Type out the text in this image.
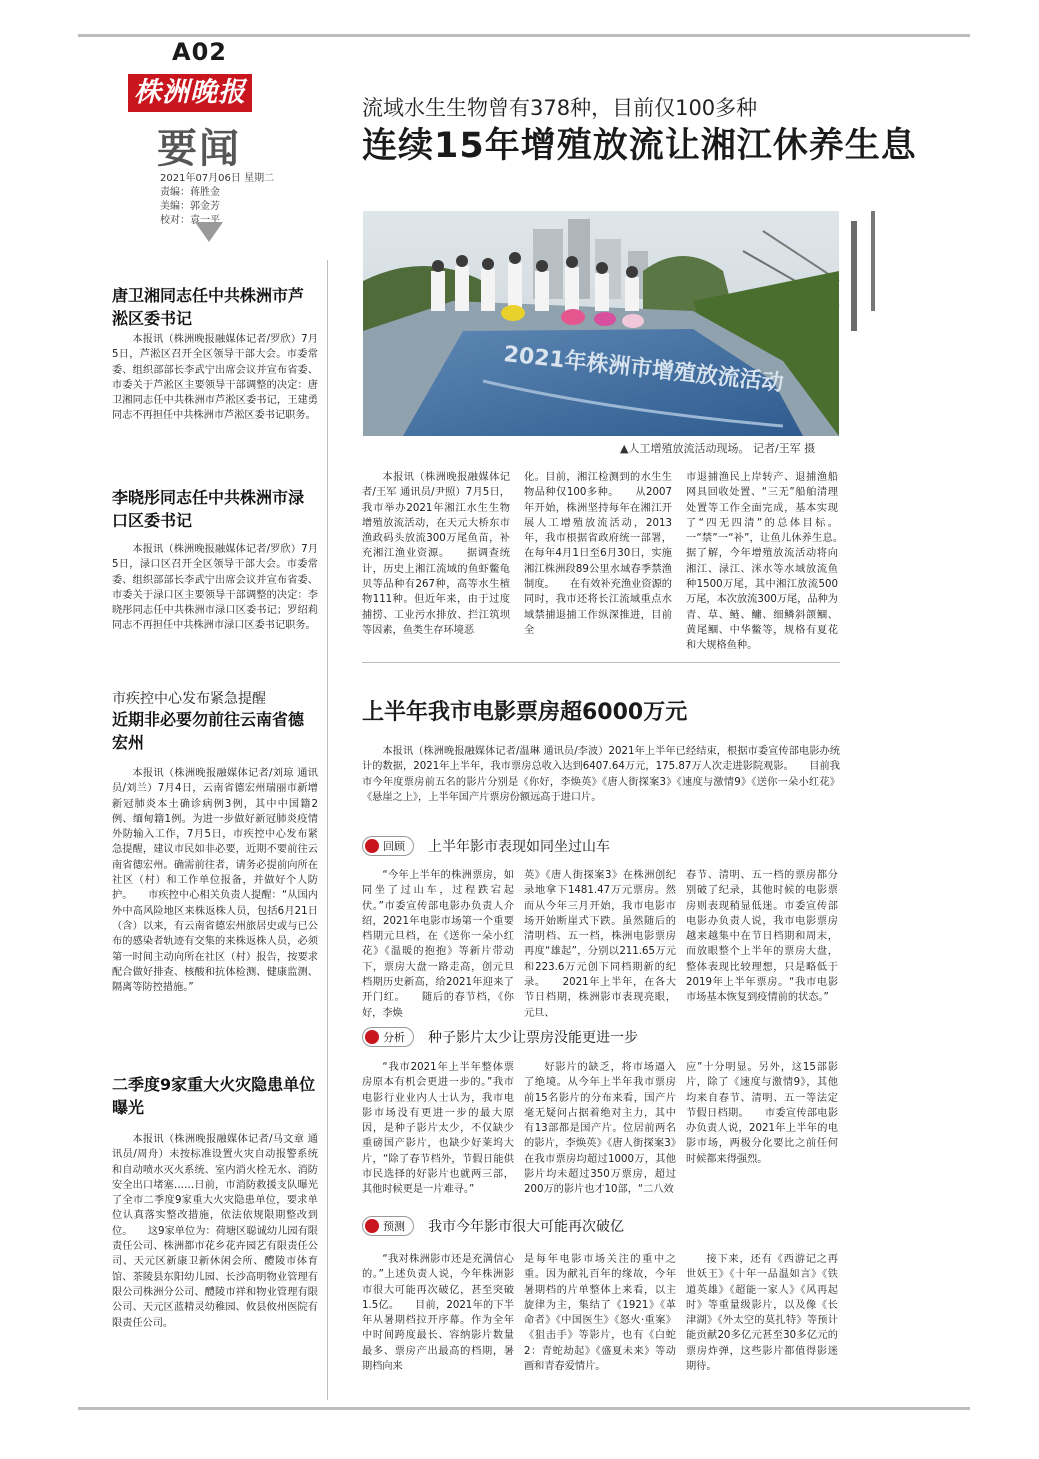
A02
株洲晚报
要闻
2021年07月06日 星期二
责编：蒋胜金
美编：郭金芳
校对：袁一平
流域水生生物曾有378种，目前仅100多种
连续15年增殖放流让湘江休养生息
2021年株洲市增殖放流活动
▲人工增殖放流活动现场。 记者/王军 摄

本报讯（株洲晚报融媒体记者/王军 通讯员/尹照）7月5日，我市举办2021年湘江水生生物增殖放流活动，在天元大桥东市渔政码头放流300万尾鱼苗，补充湘江渔业资源。　　据调查统计，历史上湘江流域的鱼虾鳖龟贝等品种有267种，高等水生植物111种。但近年来，由于过度捕捞、工业污水排放、拦江筑坝等因素，鱼类生存环境恶

化。目前，湘江检测到的水生生物品种仅100多种。　　从2007年开始，株洲坚持每年在湘江开展人工增殖放流活动，2013年，我市根据省政府统一部署，在每年4月1日至6月30日，实施湘江株洲段89公里水域春季禁渔制度。　　在有效补充渔业资源的同时，我市还将长江流域重点水域禁捕退捕工作纵深推进，目前全

市退捕渔民上岸转产、退捕渔船网具回收处置、“三无”船舶清理处置等工作全面完成，基本实现了“四无四清”的总体目标。一“禁”一“补”，让鱼儿休养生息。　　据了解，今年增殖放流活动将向湘江、渌江、洣水等水域放流鱼种1500万尾，其中湘江放流500万尾，本次放流300万尾，品种为青、草、鲢、鳙、细鳞斜颌鲴、黄尾鲴、中华鳖等，规格有夏花和大规格鱼种。

唐卫湘同志任中共株洲市芦淞区委书记

本报讯（株洲晚报融媒体记者/罗欣）7月5日，芦淞区召开全区领导干部大会。市委常委、组织部部长李武宁出席会议并宣布省委、市委关于芦淞区主要领导干部调整的决定：唐卫湘同志任中共株洲市芦淞区委书记，王建勇同志不再担任中共株洲市芦淞区委书记职务。

李晓彤同志任中共株洲市渌口区委书记

本报讯（株洲晚报融媒体记者/罗欣）7月5日，渌口区召开全区领导干部大会。市委常委、组织部部长李武宁出席会议并宣布省委、市委关于渌口区主要领导干部调整的决定：李晓彤同志任中共株洲市渌口区委书记；罗绍莉同志不再担任中共株洲市渌口区委书记职务。

市疾控中心发布紧急提醒
近期非必要勿前往云南省德宏州

本报讯（株洲晚报融媒体记者/刘琼 通讯员/刘兰）7月4日，云南省德宏州瑞丽市新增新冠肺炎本土确诊病例3例，其中中国籍2例、缅甸籍1例。为进一步做好新冠肺炎疫情外防输入工作，7月5日，市疾控中心发布紧急提醒，建议市民如非必要，近期不要前往云南省德宏州。确需前往者，请务必提前向所在社区（村）和工作单位报备，并做好个人防护。　　市疾控中心相关负责人提醒：“从国内外中高风险地区来株返株人员，包括6月21日（含）以来，有云南省德宏州旅居史或与已公布的感染者轨迹有交集的来株返株人员，必须第一时间主动向所在社区（村）报告，按要求配合做好排查、核酸和抗体检测、健康监测、隔离等防控措施。”

二季度9家重大火灾隐患单位曝光

本报讯（株洲晚报融媒体记者/马文章 通讯员/周舟）未按标准设置火灾自动报警系统和自动喷水灭火系统、室内消火栓无水、消防安全出口堵塞……日前，市消防救援支队曝光了全市二季度9家重大火灾隐患单位，要求单位认真落实整改措施，依法依规限期整改到位。　　这9家单位为：荷塘区聪诚幼儿园有限责任公司、株洲都市花乡花卉园艺有限责任公司、天元区新康卫新休闲会所、醴陵市体育馆、茶陵县东阳幼儿园、长沙高明物业管理有限公司株洲分公司、醴陵市祥和物业管理有限公司、天元区蓝精灵幼稚园、攸县攸州医院有限责任公司。

上半年我市电影票房超6000万元

本报讯（株洲晚报融媒体记者/温琳 通讯员/李波）2021年上半年已经结束，根据市委宣传部电影办统计的数据，2021年上半年，我市票房总收入达到6407.64万元，175.87万人次走进影院观影。　　目前我市今年度票房前五名的影片分别是《你好，李焕英》《唐人街探案3》《速度与激情9》《送你一朵小红花》《悬崖之上》，上半年国产片票房份额远高于进口片。

回顾 上半年影市表现如同坐过山车

“今年上半年的株洲票房，如同坐了过山车，过程跌宕起伏。”市委宣传部电影办负责人介绍，2021年电影市场第一个重要档期元旦档，在《送你一朵小红花》《温暖的抱抱》等新片带动下，票房大盘一路走高，创元旦档期历史新高，给2021年迎来了开门红。　　随后的春节档，《你好，李焕

英》《唐人街探案3》在株洲创纪录地拿下1481.47万元票房。然而从今年三月开始，我市电影市场开始断崖式下跌。虽然随后的清明档、五一档，株洲电影票房再度“雄起”，分别以211.65万元和223.6万元创下同档期新的纪录。　　2021年上半年，在各大节日档期，株洲影市表现亮眼，元旦、

春节、清明、五一档的票房都分别破了纪录，其他时候的电影票房则表现稍显低迷。市委宣传部电影办负责人说，我市电影票房越来越集中在节日档期和周末，而放眼整个上半年的票房大盘，整体表现比较理想，只是略低于2019年上半年票房。“我市电影市场基本恢复到疫情前的状态。”

分析 种子影片太少让票房没能更进一步

“我市2021年上半年整体票房原本有机会更进一步的。”我市电影行业业内人士认为，我市电影市场没有更进一步的最大原因，是种子影片太少，不仅缺少重磅国产影片，也缺少好莱坞大片，“除了春节档外，节假日能供市民选择的好影片也就两三部，其他时候更是一片难寻。”

好影片的缺乏，将市场逼入了绝境。从今年上半年我市票房前15名影片的分布来看，国产片毫无疑问占据着绝对主力，其中有13部都是国产片。位居前两名的影片，李焕英》《唐人街探案3》在我市票房均超过1000万，其他影片均未超过350万票房，超过200万的影片也才10部，“二八效

应”十分明显。另外，这15部影片，除了《速度与激情9》，其他均来自春节、清明、五一等法定节假日档期。　　市委宣传部电影办负责人说，2021年上半年的电影市场，两极分化要比之前任何时候都来得强烈。

预测 我市今年影市很大可能再次破亿

“我对株洲影市还是充满信心的。”上述负责人说，今年株洲影市很大可能再次破亿，甚至突破1.5亿。　　目前，2021年的下半年从暑期档拉开序幕。作为全年中时间跨度最长、容纳影片数量最多、票房产出最高的档期，暑期档向来

是每年电影市场关注的重中之重。因为献礼百年的缘故，今年暑期档的片单整体上来看，以主旋律为主，集结了《1921》《革命者》《中国医生》《怒火·重案》《狙击手》等影片，也有《白蛇2：青蛇劫起》《盛夏未来》等动画和青春爱情片。

接下来，还有《西游记之再世妖王》《十年一品温如言》《铁道英雄》《超能一家人》《风再起时》等重量级影片，以及像《长津湖》《外太空的莫扎特》等预计能贡献20多亿元甚至30多亿元的票房炸弹，这些影片都值得影迷期待。
